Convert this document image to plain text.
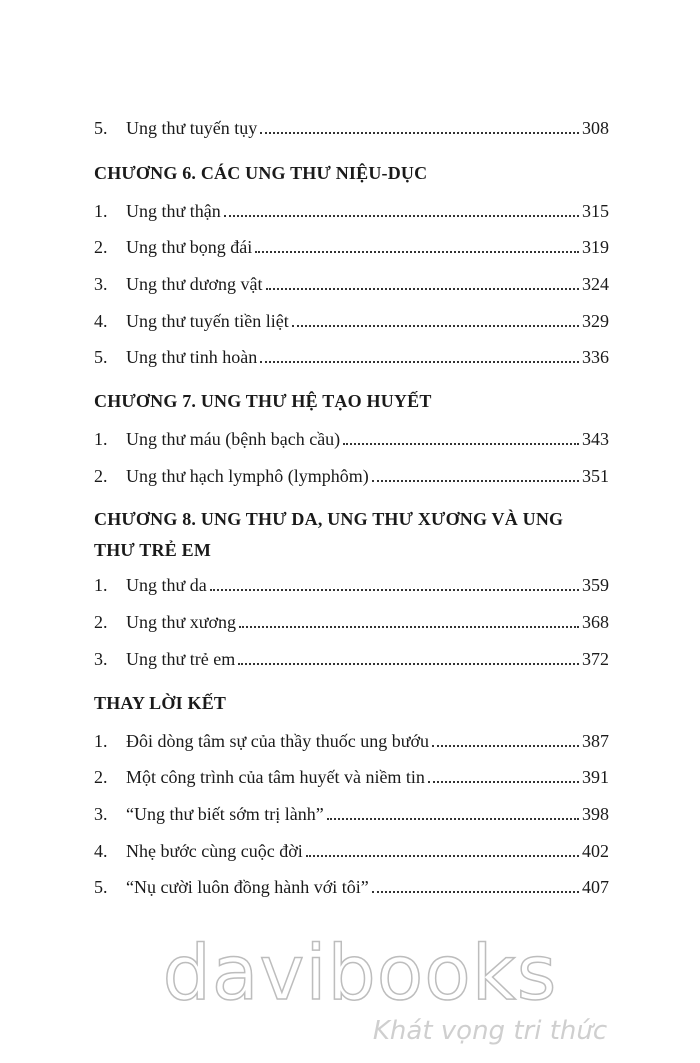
5.	Ung thư tuyến tụy	308
CHƯƠNG 6. CÁC UNG THƯ NIỆU-DỤC
1.	Ung thư thận	315
2.	Ung thư bọng đái	319
3.	Ung thư dương vật	324
4.	Ung thư tuyến tiền liệt	329
5.	Ung thư tinh hoàn	336
CHƯƠNG 7. UNG THƯ HỆ TẠO HUYẾT
1.	Ung thư máu (bệnh bạch cầu)	343
2.	Ung thư hạch lymphô (lymphôm)	351
CHƯƠNG 8. UNG THƯ DA, UNG THƯ XƯƠNG VÀ UNG
THƯ TRẺ EM
1.	Ung thư da	359
2.	Ung thư xương	368
3.	Ung thư trẻ em	372
THAY LỜI KẾT
1.	Đôi dòng tâm sự của thầy thuốc ung bướu	387
2.	Một công trình của tâm huyết và niềm tin	391
3.	“Ung thư biết sớm trị lành”	398
4.	Nhẹ bước cùng cuộc đời	402
5.	“Nụ cười luôn đồng hành với tôi”	407
davibooks
Khát vọng tri thức
